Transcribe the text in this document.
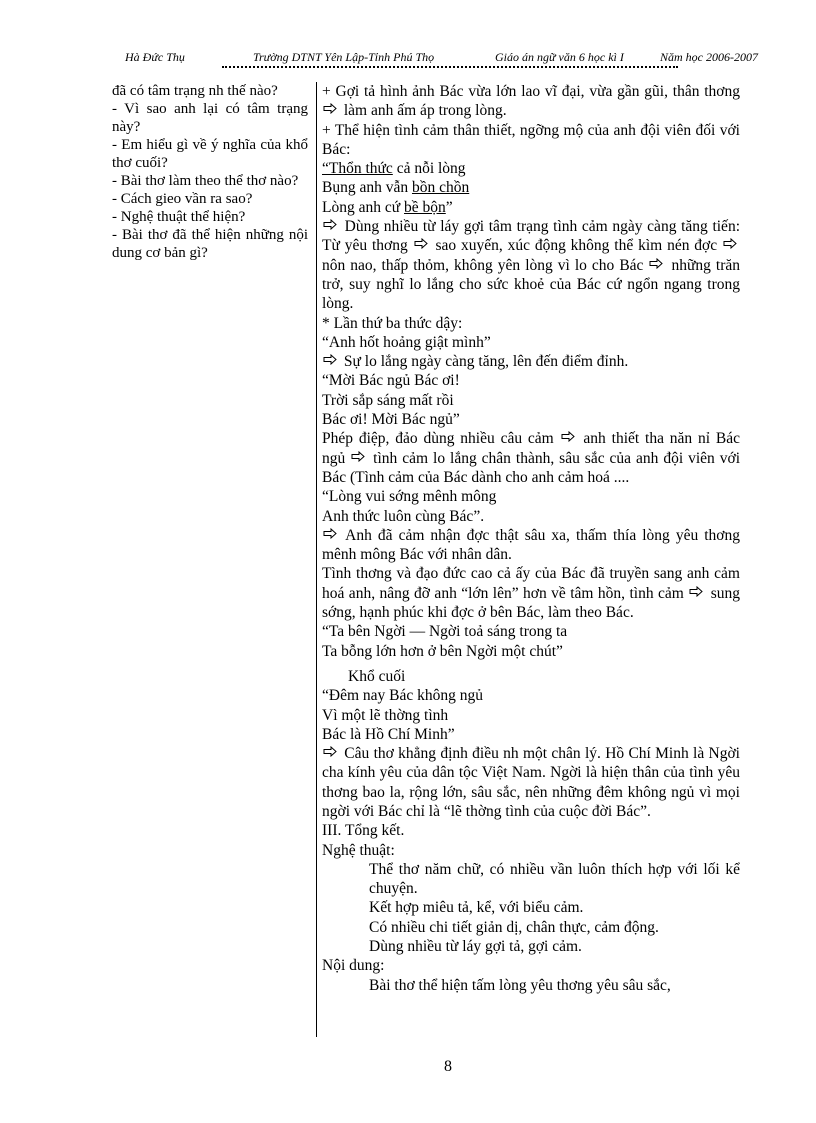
Hà Đức Thụ	Trường DTNT Yên Lập-Tỉnh Phú Thọ	Giáo án ngữ văn 6 học kì I	Năm học 2006-2007
đã có tâm trạng nh thế nào?
- Vì sao anh lại có tâm trạng này?
- Em hiểu gì về ý nghĩa của khổ thơ cuối?
- Bài thơ làm theo thể thơ nào?
- Cách gieo vần ra sao?
- Nghệ thuật thể hiện?
- Bài thơ đã thể hiện những nội dung cơ bản gì?

+ Gợi tả hình ảnh Bác vừa lớn lao vĩ đại, vừa gần gũi, thân thơng  làm anh ấm áp trong lòng.

+ Thể hiện tình cảm thân thiết, ngỡng mộ của anh đội viên đối với Bác:

“Thổn thức cả nỗi lòng

Bụng anh vẫn bồn chồn

Lòng anh cứ bề bộn”

Dùng nhiều từ láy gợi tâm trạng tình cảm ngày càng tăng tiến: Từ yêu thơng  sao xuyến, xúc động không thể kìm nén đợc  nôn nao, thấp thỏm, không yên lòng vì lo cho Bác  những trăn trở, suy nghĩ lo lắng cho sức khoẻ của Bác cứ ngổn ngang trong lòng.

* Lần thứ ba thức dậy:

“Anh hốt hoảng giật mình”

Sự lo lắng ngày càng tăng, lên đến điểm đỉnh.

“Mời Bác ngủ Bác ơi!

Trời sắp sáng mất rồi

Bác ơi! Mời Bác ngủ”

Phép điệp, đảo dùng nhiều câu cảm  anh thiết tha năn nỉ Bác ngủ  tình cảm lo lắng chân thành, sâu sắc của anh đội viên với Bác (Tình cảm của Bác dành cho anh cảm hoá ....

“Lòng vui sớng mênh mông

Anh thức luôn cùng Bác”.

Anh đã cảm nhận đợc thật sâu xa, thấm thía lòng yêu thơng mênh mông Bác với nhân dân.

Tình thơng và đạo đức cao cả ấy của Bác đã truyền sang anh cảm hoá anh, nâng đỡ anh “lớn lên” hơn về tâm hồn, tình cảm  sung sớng, hạnh phúc khi đợc ở bên Bác, làm theo Bác.

“Ta bên Ngời — Ngời toả sáng trong ta

Ta bỗng lớn hơn ở bên Ngời một chút”

Khổ cuối

“Đêm nay Bác không ngủ

Vì một lẽ thờng tình

Bác là Hồ Chí Minh”

Câu thơ khẳng định điều nh một chân lý. Hồ Chí Minh là Ngời cha kính yêu của dân tộc Việt Nam. Ngời là hiện thân của tình yêu thơng bao la, rộng lớn, sâu sắc, nên những đêm không ngủ vì mọi ngời với Bác chỉ là “lẽ thờng tình của cuộc đời Bác”.

III. Tổng kết.

Nghệ thuật:

Thể thơ năm chữ, có nhiều vần luôn thích hợp với lối kể chuyện.

Kết hợp miêu tả, kể, với biểu cảm.

Có nhiều chi tiết giản dị, chân thực, cảm động.

Dùng nhiều từ láy gợi tả, gợi cảm.

Nội dung:

Bài thơ thể hiện tấm lòng yêu thơng yêu sâu sắc,

8
